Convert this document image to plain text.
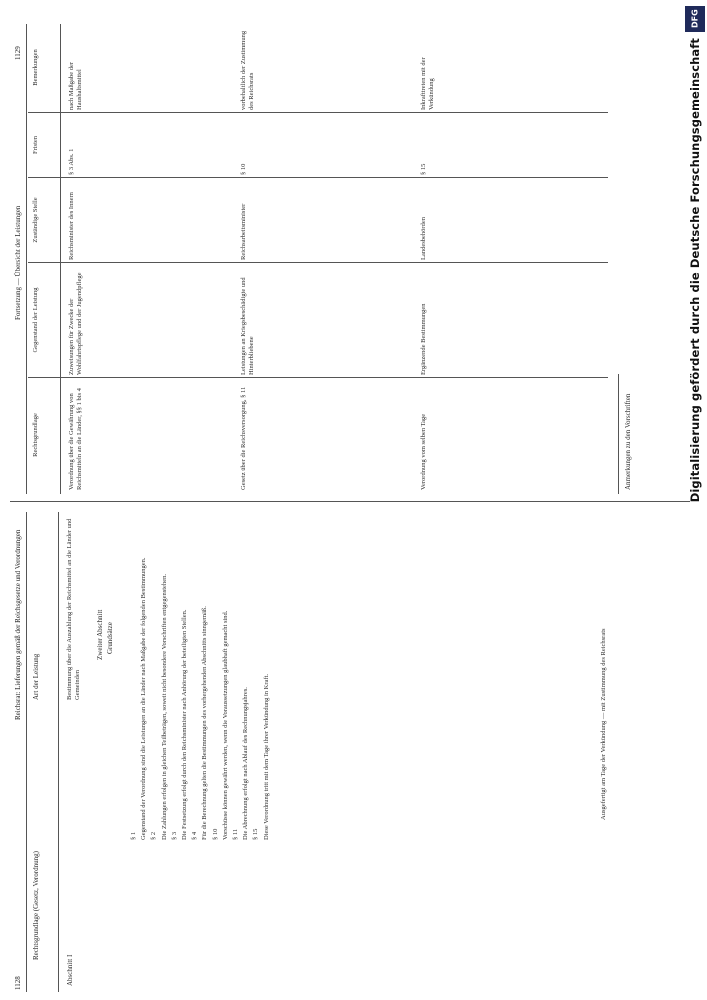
1128
Reichsrat: Lieferungen gemäß der Reichsgesetze und Verordnungen
Rechtsgrundlage (Gesetz, Verordnung)
Art der Leistung
Abschnitt I

Bestimmung über die Auszahlung der Reichsmittel an die Länder und Gemeinden

Zweiter Abschnitt Grundsätze

§ 1 Gegenstand der Verordnung sind die Leistungen an die Länder nach Maßgabe der folgenden Bestimmungen. § 2 Die Zahlungen erfolgen in gleichen Teilbeträgen, soweit nicht besondere Vorschriften entgegenstehen. § 3 Die Festsetzung erfolgt durch den Reichsminister nach Anhörung der beteiligten Stellen. § 4 Für die Berechnung gelten die Bestimmungen des vorhergehenden Abschnitts sinngemäß. § 10 Vorschüsse können gewährt werden, wenn die Voraussetzungen glaubhaft gemacht sind. § 11 Die Abrechnung erfolgt nach Ablauf des Rechnungsjahres. § 15 Diese Verordnung tritt mit dem Tage ihrer Verkündung in Kraft.	Ausgefertigt am Tage der Verkündung — mit Zustimmung des Reichsrats

1129
Fortsetzung — Übersicht der Leistungen

Rechtsgrundlage

Gegenstand der Leistung

Zuständige Stelle

Fristen

Bemerkungen

Verordnung über die Gewährung von Reichsmitteln an die Länder, §§ 1 bis 4

Zuweisungen für Zwecke der Wohlfahrtspflege und der Jugendpflege

Reichsminister des Innern

§ 3 Abs. 1

nach Maßgabe der Haushaltsmittel

Gesetz über die Reichsversorgung, § 11

Leistungen an Kriegsbeschädigte und Hinterbliebene

Reichsarbeitsminister

§ 10

vorbehaltlich der Zustimmung des Reichsrats

Verordnung vom selben Tage

Ergänzende Bestimmungen

Landesbehörden

§ 15

Inkrafttreten mit der Verkündung

Anmerkungen zu den Vorschriften
DFG
Digitalisierung gefördert durch die Deutsche Forschungsgemeinschaft
